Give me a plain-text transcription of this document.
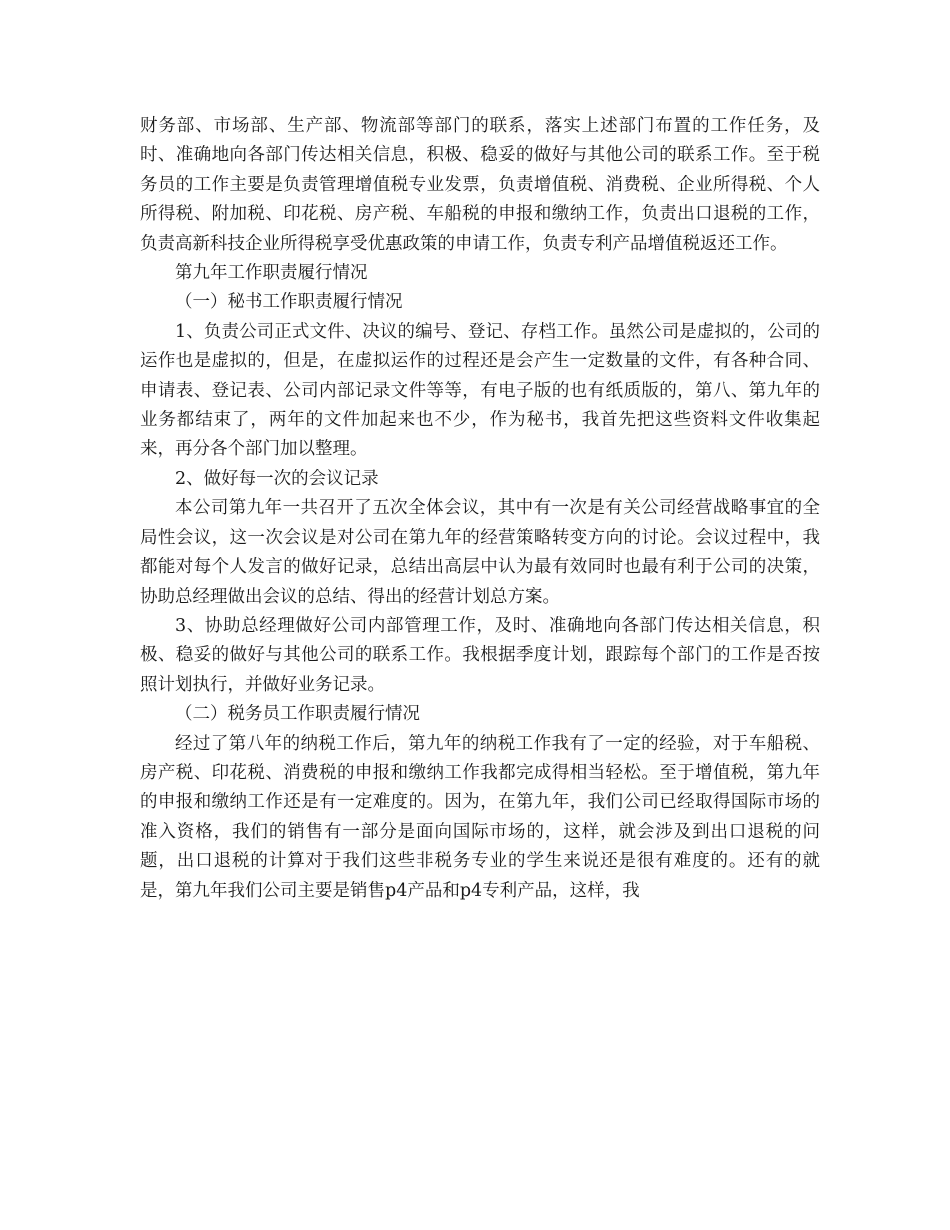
财务部、市场部、生产部、物流部等部门的联系，落实上述部门布置的工作任务，及时、准确地向各部门传达相关信息，积极、稳妥的做好与其他公司的联系工作。至于税务员的工作主要是负责管理增值税专业发票，负责增值税、消费税、企业所得税、个人所得税、附加税、印花税、房产税、车船税的申报和缴纳工作，负责出口退税的工作，负责高新科技企业所得税享受优惠政策的申请工作，负责专利产品增值税返还工作。

第九年工作职责履行情况

（一）秘书工作职责履行情况

1、负责公司正式文件、决议的编号、登记、存档工作。虽然公司是虚拟的，公司的运作也是虚拟的，但是，在虚拟运作的过程还是会产生一定数量的文件，有各种合同、申请表、登记表、公司内部记录文件等等，有电子版的也有纸质版的，第八、第九年的业务都结束了，两年的文件加起来也不少，作为秘书，我首先把这些资料文件收集起来，再分各个部门加以整理。

2、做好每一次的会议记录

本公司第九年一共召开了五次全体会议，其中有一次是有关公司经营战略事宜的全局性会议，这一次会议是对公司在第九年的经营策略转变方向的讨论。会议过程中，我都能对每个人发言的做好记录，总结出高层中认为最有效同时也最有利于公司的决策，协助总经理做出会议的总结、得出的经营计划总方案。

3、协助总经理做好公司内部管理工作，及时、准确地向各部门传达相关信息，积极、稳妥的做好与其他公司的联系工作。我根据季度计划，跟踪每个部门的工作是否按照计划执行，并做好业务记录。

（二）税务员工作职责履行情况

经过了第八年的纳税工作后，第九年的纳税工作我有了一定的经验，对于车船税、房产税、印花税、消费税的申报和缴纳工作我都完成得相当轻松。至于增值税，第九年的申报和缴纳工作还是有一定难度的。因为，在第九年，我们公司已经取得国际市场的准入资格，我们的销售有一部分是面向国际市场的，这样，就会涉及到出口退税的问题，出口退税的计算对于我们这些非税务专业的学生来说还是很有难度的。还有的就是，第九年我们公司主要是销售p4产品和p4专利产品，这样，我
